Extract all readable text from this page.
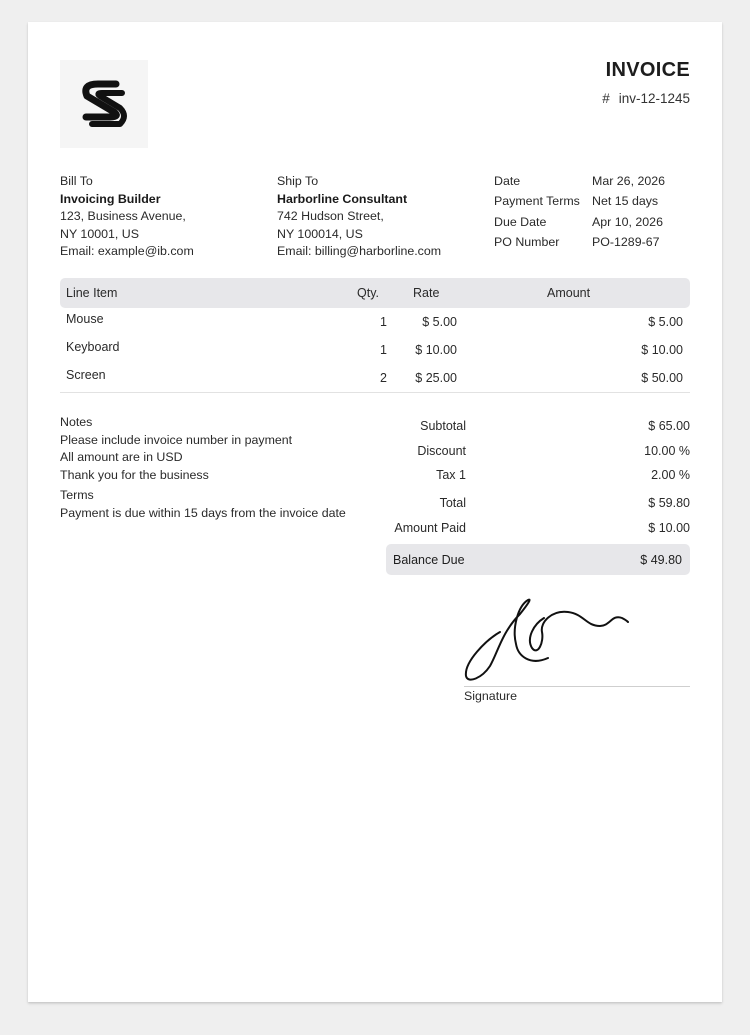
INVOICE
# inv-12-1245
Bill To
Invoicing Builder
123, Business Avenue,
NY 10001, US
Email: example@ib.com
Ship To
Harborline Consultant
742 Hudson Street,
NY 100014, US
Email: billing@harborline.com
Date	Mar 26, 2026
Payment Terms Net 15 days
Due Date	Apr 10, 2026
PO Number	PO-1289-67
Line Item	Qty.	Rate	Amount
Mouse	1	$ 5.00	$ 5.00
Keyboard	1 $ 10.00	$ 10.00
Screen	2 $ 25.00	$ 50.00
Notes
Please include invoice number in payment
All amount are in USD
Thank you for the business
Terms
Payment is due within 15 days from the invoice date
Subtotal	$ 65.00
Discount	10.00 %
Tax 1	2.00 %
Total	$ 59.80
Amount Paid	$ 10.00
Balance Due	$ 49.80
Signature
